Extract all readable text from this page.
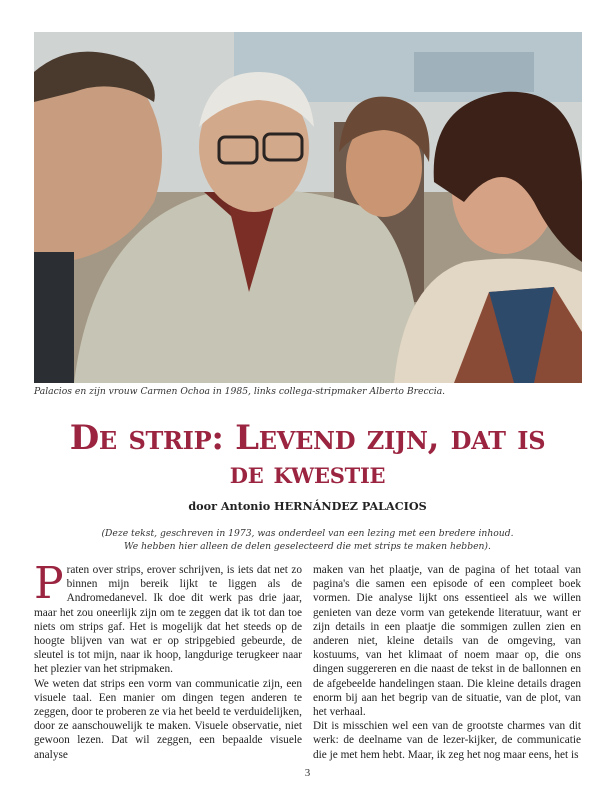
Palacios en zijn vrouw Carmen Ochoa in 1985, links collega-stripmaker Alberto Breccia.
De strip: Levend zijn, dat is
de kwestie
door Antonio HERNÁNDEZ PALACIOS
(Deze tekst, geschreven in 1973, was onderdeel van een lezing met een bredere inhoud.
We hebben hier alleen de delen geselecteerd die met strips te maken hebben).

Praten over strips, erover schrijven, is iets dat net zo binnen mijn bereik lijkt te liggen als de Andromedanevel. Ik doe dit werk pas drie jaar, maar het zou oneerlijk zijn om te zeggen dat ik tot dan toe niets om strips gaf. Het is mogelijk dat het steeds op de hoogte blijven van wat er op stripgebied gebeurde, de sleutel is tot mijn, naar ik hoop, langdurige terugkeer naar het plezier van het stripmaken.

We weten dat strips een vorm van communicatie zijn, een visuele taal. Een manier om dingen tegen anderen te zeggen, door te proberen ze via het beeld te verduidelijken, door ze aanschouwelijk te maken. Visuele observatie, niet gewoon lezen. Dat wil zeggen, een bepaalde visuele analyse

maken van het plaatje, van de pagina of het totaal van pagina's die samen een episode of een compleet boek vormen. Die analyse lijkt ons essentieel als we willen genieten van deze vorm van getekende literatuur, want er zijn details in een plaatje die sommigen zullen zien en anderen niet, kleine details van de omgeving, van kostuums, van het klimaat of noem maar op, die ons dingen suggereren en die naast de tekst in de ballonnen en de afgebeelde handelingen staan. Die kleine details dragen enorm bij aan het begrip van de situatie, van de plot, van het verhaal.

Dit is misschien wel een van de grootste charmes van dit werk: de deelname van de lezer-kijker, de communicatie die je met hem hebt. Maar, ik zeg het nog maar eens, het is

3
